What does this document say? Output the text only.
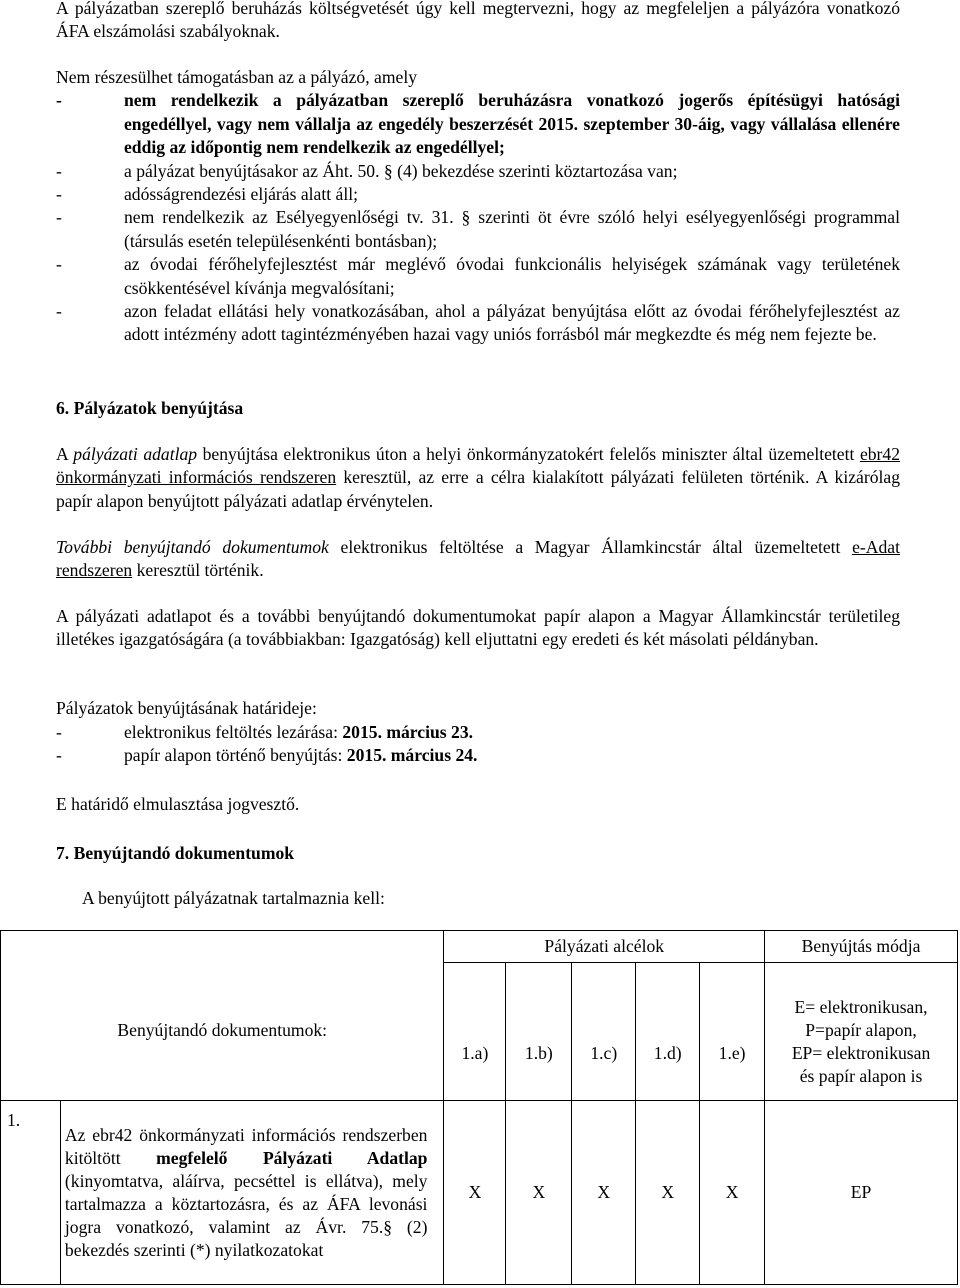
A pályázatban szereplő beruházás költségvetését úgy kell megtervezni, hogy az megfeleljen a pályázóra vonatkozó ÁFA elszámolási szabályoknak.

Nem részesülhet támogatásban az a pályázó, amely

-	nem rendelkezik a pályázatban szereplő beruházásra vonatkozó jogerős építésügyi hatósági engedéllyel, vagy nem vállalja az engedély beszerzését 2015. szeptember 30-áig, vagy vállalása ellenére eddig az időpontig nem rendelkezik az engedéllyel;
-	a pályázat benyújtásakor az Áht. 50. § (4) bekezdése szerinti köztartozása van;
-	adósságrendezési eljárás alatt áll;
-	nem rendelkezik az Esélyegyenlőségi tv. 31. § szerinti öt évre szóló helyi esélyegyenlőségi programmal (társulás esetén településenkénti bontásban);
-	az óvodai férőhelyfejlesztést már meglévő óvodai funkcionális helyiségek számának vagy területének csökkentésével kívánja megvalósítani;
-	azon feladat ellátási hely vonatkozásában, ahol a pályázat benyújtása előtt az óvodai férőhelyfejlesztést az adott intézmény adott tagintézményében hazai vagy uniós forrásból már megkezdte és még nem fejezte be.
6. Pályázatok benyújtása

A pályázati adatlap benyújtása elektronikus úton a helyi önkormányzatokért felelős miniszter által üzemeltetett ebr42 önkormányzati információs rendszeren keresztül, az erre a célra kialakított pályázati felületen történik. A kizárólag papír alapon benyújtott pályázati adatlap érvénytelen.

További benyújtandó dokumentumok elektronikus feltöltése a Magyar Államkincstár által üzemeltetett e-Adat rendszeren keresztül történik.

A pályázati adatlapot és a további benyújtandó dokumentumokat papír alapon a Magyar Államkincstár területileg illetékes igazgatóságára (a továbbiakban: Igazgatóság) kell eljuttatni egy eredeti és két másolati példányban.

Pályázatok benyújtásának határideje:

-	elektronikus feltöltés lezárása: 2015. március 23.
-	papír alapon történő benyújtás: 2015. március 24.

E határidő elmulasztása jogvesztő.

7. Benyújtandó dokumentumok

A benyújtott pályázatnak tartalmaznia kell:

Benyújtandó dokumentumok:		Pályázati alcélok					Benyújtás módja
		1.a)	1.b)	1.c)	1.d)	1.e)	E= elektronikusan,
P=papír alapon,
EP= elektronikusan
és papír alapon is

1.	Az ebr42 önkormányzati információs rendszerben kitöltött megfelelő Pályázati Adatlap (kinyomtatva, aláírva, pecséttel is ellátva), mely tartalmazza a köztartozásra, és az ÁFA levonási jogra vonatkozó, valamint az Ávr. 75.§ (2) bekezdés szerinti (*) nyilatkozatokat	X	X	X	X	X	EP
